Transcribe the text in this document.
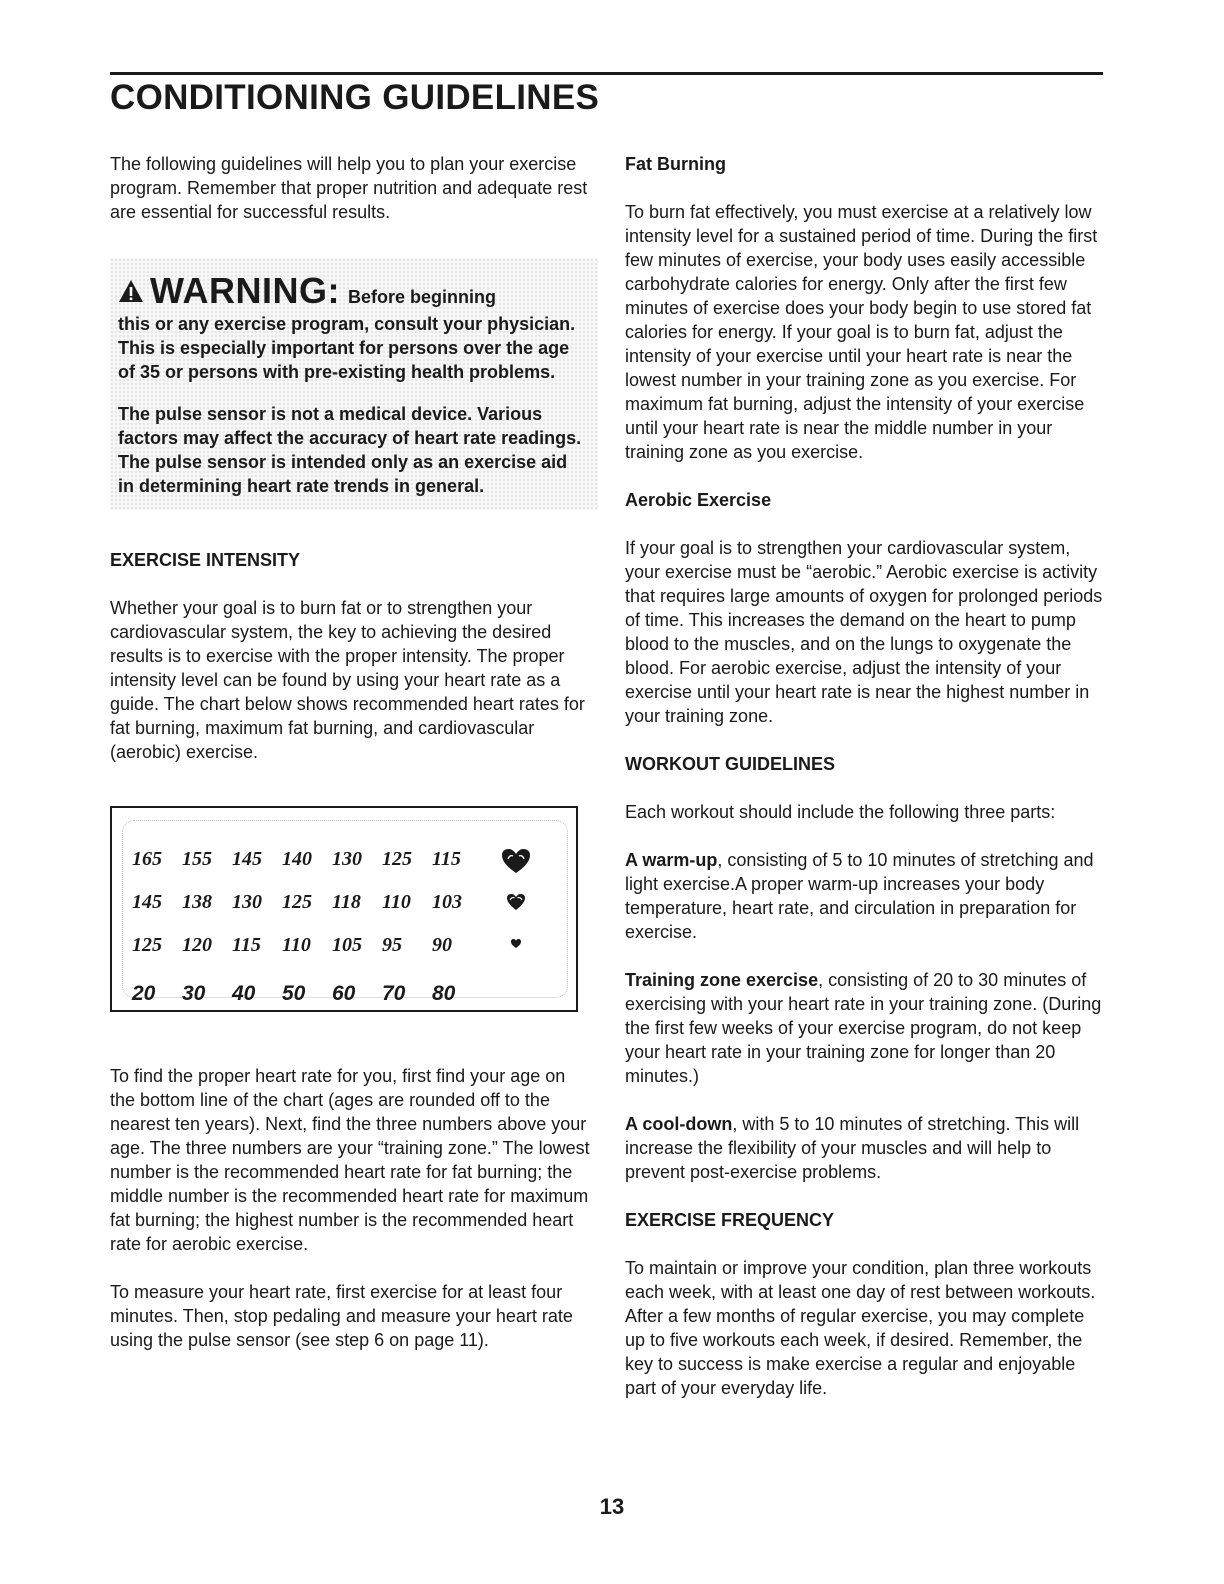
CONDITIONING GUIDELINES

The following guidelines will help you to plan your exercise program. Remember that proper nutrition and adequate rest are essential for successful results.

WARNING: Before beginning

this or any exercise program, consult your physician. This is especially important for persons over the age of 35 or persons with pre-existing health problems.

The pulse sensor is not a medical device. Various factors may affect the accuracy of heart rate readings. The pulse sensor is intended only as an exercise aid in determining heart rate trends in general.

EXERCISE INTENSITY

Whether your goal is to burn fat or to strengthen your cardiovascular system, the key to achieving the desired results is to exercise with the proper intensity. The proper intensity level can be found by using your heart rate as a guide. The chart below shows recommended heart rates for fat burning, maximum fat burning, and cardiovascular (aerobic) exercise.

165	155	145	140	130	125	115
145	138	130	125	118	110	103
125	120	115	110	105	95	90
20	30	40	50	60	70	80

To find the proper heart rate for you, first find your age on the bottom line of the chart (ages are rounded off to the nearest ten years). Next, find the three numbers above your age. The three numbers are your “training zone.” The lowest number is the recommended heart rate for fat burning; the middle number is the recommended heart rate for maximum fat burning; the highest number is the recommended heart rate for aerobic exercise.

To measure your heart rate, first exercise for at least four minutes. Then, stop pedaling and measure your heart rate using the pulse sensor (see step 6 on page 11).

Fat Burning

To burn fat effectively, you must exercise at a relatively low intensity level for a sustained period of time. During the first few minutes of exercise, your body uses easily accessible carbohydrate calories for energy. Only after the first few minutes of exercise does your body begin to use stored fat calories for energy. If your goal is to burn fat, adjust the intensity of your exercise until your heart rate is near the lowest number in your training zone as you exercise. For maximum fat burning, adjust the intensity of your exercise until your heart rate is near the middle number in your training zone as you exercise.

Aerobic Exercise

If your goal is to strengthen your cardiovascular system, your exercise must be “aerobic.” Aerobic exercise is activity that requires large amounts of oxygen for prolonged periods of time. This increases the demand on the heart to pump blood to the muscles, and on the lungs to oxygenate the blood. For aerobic exercise, adjust the intensity of your exercise until your heart rate is near the highest number in your training zone.

WORKOUT GUIDELINES

Each workout should include the following three parts:

A warm-up, consisting of 5 to 10 minutes of stretching and light exercise.A proper warm-up increases your body temperature, heart rate, and circulation in preparation for exercise.

Training zone exercise, consisting of 20 to 30 minutes of exercising with your heart rate in your training zone. (During the first few weeks of your exercise program, do not keep your heart rate in your training zone for longer than 20 minutes.)

A cool-down, with 5 to 10 minutes of stretching. This will increase the flexibility of your muscles and will help to prevent post-exercise problems.

EXERCISE FREQUENCY

To maintain or improve your condition, plan three workouts each week, with at least one day of rest between workouts. After a few months of regular exercise, you may complete up to five workouts each week, if desired. Remember, the key to success is make exercise a regular and enjoyable part of your everyday life.

13
